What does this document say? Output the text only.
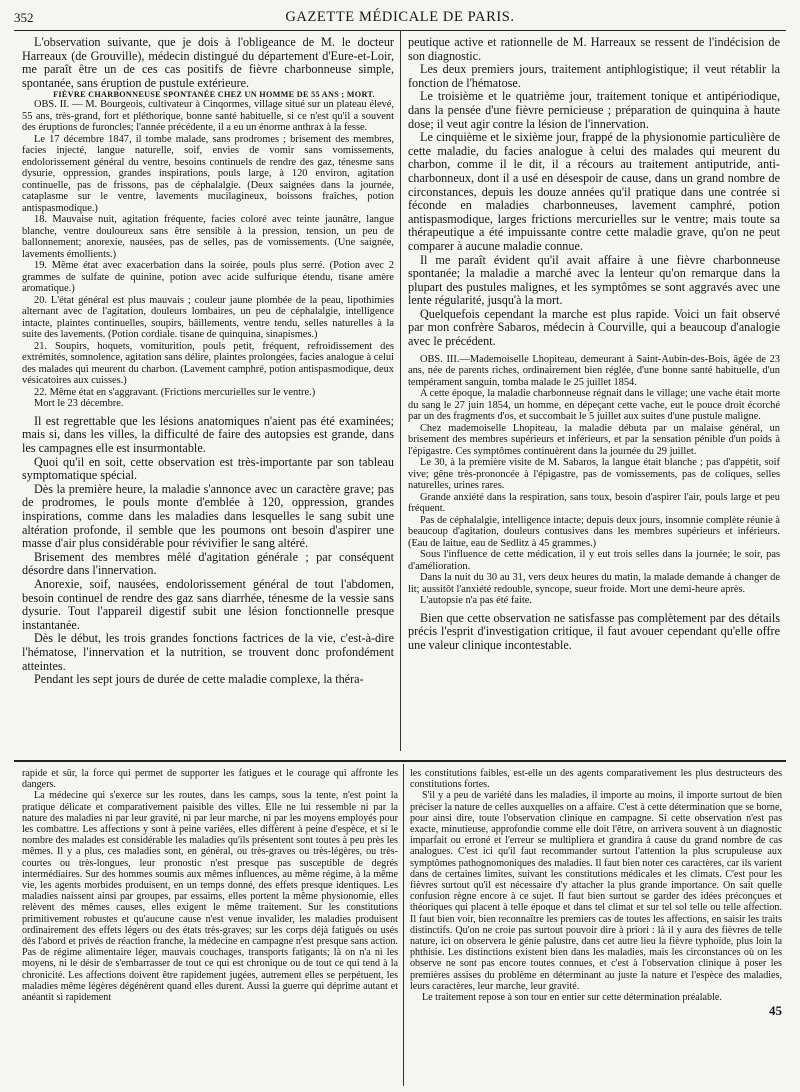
352	GAZETTE MÉDICALE DE PARIS.

L'observation suivante, que je dois à l'obligeance de M. le docteur Harreaux (de Grouville), médecin distingué du département d'Eure-et-Loir, me paraît être un de ces cas positifs de fièvre charbonneuse simple, spontanée, sans éruption de pustule extérieure.

FIÈVRE CHARBONNEUSE SPONTANÉE CHEZ UN HOMME DE 55 ANS ; MORT.

OBS. II. — M. Bourgeois, cultivateur à Cinqormes, village situé sur un plateau élevé, 55 ans, très-grand, fort et pléthorique, bonne santé habituelle, si ce n'est qu'il a souvent des éruptions de furoncles; l'année précédente, il a eu un énorme anthrax à la fesse.

Le 17 décembre 1847, il tombe malade, sans prodromes ; brisement des membres, facies injecté, langue naturelle, soif, envies de vomir sans vomissements, endolorissement général du ventre, besoins continuels de rendre des gaz, ténesme sans dysurie, oppression, grandes inspirations, pouls large, à 120 environ, agitation continuelle, pas de frissons, pas de céphalalgie. (Deux saignées dans la journée, cataplasme sur le ventre, lavements mucilagineux, boissons fraîches, potion antispasmodique.)

18. Mauvaise nuit, agitation fréquente, facies coloré avec teinte jaunâtre, langue blanche, ventre douloureux sans être sensible à la pression, tension, un peu de ballonnement; anorexie, nausées, pas de selles, pas de vomissements. (Une saignée, lavements émollients.)

19. Même état avec exacerbation dans la soirée, pouls plus serré. (Potion avec 2 grammes de sulfate de quinine, potion avec acide sulfurique étendu, tisane amère aromatique.)

20. L'état général est plus mauvais ; couleur jaune plombée de la peau, lipothimies alternant avec de l'agitation, douleurs lombaires, un peu de céphalalgie, intelligence intacte, plaintes continuelles, soupirs, bâillements, ventre tendu, selles naturelles à la suite des lavements. (Potion cordiale. tisane de quinquina, sinapismes.)

21. Soupirs, hoquets, vomiturition, pouls petit, fréquent, refroidissement des extrémités, somnolence, agitation sans délire, plaintes prolongées, facies analogue à celui des malades qui meurent du charbon. (Lavement camphré, potion antispasmodique, deux vésicatoires aux cuisses.)

22. Même état en s'aggravant. (Frictions mercurielles sur le ventre.)

Mort le 23 décembre.

Il est regrettable que les lésions anatomiques n'aient pas été examinées; mais si, dans les villes, la difficulté de faire des autopsies est grande, dans les campagnes elle est insurmontable.

Quoi qu'il en soit, cette observation est très-importante par son tableau symptomatique spécial.

Dès la première heure, la maladie s'annonce avec un caractère grave; pas de prodromes, le pouls monte d'emblée à 120, oppression, grandes inspirations, comme dans les maladies dans lesquelles le sang subit une altération profonde, il semble que les poumons ont besoin d'aspirer une masse d'air plus considérable pour révivifier le sang altéré.

Brisement des membres mêlé d'agitation générale ; par conséquent désordre dans l'innervation.

Anorexie, soif, nausées, endolorissement général de tout l'abdomen, besoin continuel de rendre des gaz sans diarrhée, ténesme de la vessie sans dysurie. Tout l'appareil digestif subit une lésion fonctionnelle presque instantanée.

Dès le début, les trois grandes fonctions factrices de la vie, c'est-à-dire l'hématose, l'innervation et la nutrition, se trouvent donc profondément atteintes.

Pendant les sept jours de durée de cette maladie complexe, la théra-

peutique active et rationnelle de M. Harreaux se ressent de l'indécision de son diagnostic.

Les deux premiers jours, traitement antiphlogistique; il veut rétablir la fonction de l'hématose.

Le troisième et le quatrième jour, traitement tonique et antipériodique, dans la pensée d'une fièvre pernicieuse ; préparation de quinquina à haute dose; il veut agir contre la lésion de l'innervation.

Le cinquième et le sixième jour, frappé de la physionomie particulière de cette maladie, du facies analogue à celui des malades qui meurent du charbon, comme il le dit, il a récours au traitement antiputride, anti-charbonneux, dont il a usé en désespoir de cause, dans un grand nombre de circonstances, depuis les douze années qu'il pratique dans une contrée si féconde en maladies charbonneuses, lavement camphré, potion antispasmodique, larges frictions mercurielles sur le ventre; mais toute sa thérapeutique a été impuissante contre cette maladie grave, qu'on ne peut comparer à aucune maladie connue.

Il me paraît évident qu'il avait affaire à une fièvre charbonneuse spontanée; la maladie a marché avec la lenteur qu'on remarque dans la plupart des pustules malignes, et les symptômes se sont aggravés avec une lente régularité, jusqu'à la mort.

Quelquefois cependant la marche est plus rapide. Voici un fait observé par mon confrère Sabaros, médecin à Courville, qui a beaucoup d'analogie avec le précédent.

OBS. III.—Mademoiselle Lhopiteau, demeurant à Saint-Aubin-des-Bois, âgée de 23 ans, née de parents riches, ordinairement bien réglée, d'une bonne santé habituelle, d'un tempérament sanguin, tomba malade le 25 juillet 1854.

A cette époque, la maladie charbonneuse régnait dans le village; une vache était morte du sang le 27 juin 1854, un homme, en dépeçant cette vache, eut le pouce droit écorché par un des fragments d'os, et succombait le 5 juillet aux suites d'une pustule maligne.

Chez mademoiselle Lhopiteau, la maladie débuta par un malaise général, un brisement des membres supérieurs et inférieurs, et par la sensation pénible d'un poids à l'épigastre. Ces symptômes continuèrent dans la journée du 29 juillet.

Le 30, à la première visite de M. Sabaros, la langue était blanche ; pas d'appétit, soif vive; gêne très-prononcée à l'épigastre, pas de vomissements, pas de coliques, selles naturelles, urines rares.

Grande anxiété dans la respiration, sans toux, besoin d'aspirer l'air, pouls large et peu fréquent.

Pas de céphalalgie, intelligence intacte; depuis deux jours, insomnie complète réunie à beaucoup d'agitation, douleurs contusives dans les membres supérieurs et inférieurs. (Eau de laitue, eau de Sedlitz à 45 grammes.)

Sous l'influence de cette médication, il y eut trois selles dans la journée; le soir, pas d'amélioration.

Dans la nuit du 30 au 31, vers deux heures du matin, la malade demande à changer de lit; aussitôt l'anxiété redouble, syncope, sueur froide. Mort une demi-heure après.

L'autopsie n'a pas été faite.

Bien que cette observation ne satisfasse pas complètement par des détails précis l'esprit d'investigation critique, il faut avouer cependant qu'elle offre une valeur clinique incontestable.

rapide et sûr, la force qui permet de supporter les fatigues et le courage qui affronte les dangers.

La médecine qui s'exerce sur les routes, dans les camps, sous la tente, n'est point la pratique délicate et comparativement paisible des villes. Elle ne lui ressemble ni par la nature des maladies ni par leur gravité, ni par leur marche, ni par les moyens employés pour les combattre. Les affections y sont à peine variées, elles diffèrent à peine d'espèce, et si le nombre des malades est considérable les maladies qu'ils présentent sont toutes à peu près les mêmes. Il y a plus, ces maladies sont, en général, ou très-graves ou très-légères, ou très-courtes ou très-longues, leur pronostic n'est presque pas susceptible de degrés intermédiaires. Sur des hommes soumis aux mêmes influences, au même régime, à la même vie, les agents morbides produisent, en un temps donné, des effets presque identiques. Les maladies naissent ainsi par groupes, par essaims, elles portent la même physionomie, elles relèvent des mêmes causes, elles exigent le même traitement. Sur les constitutions primitivement robustes et qu'aucune cause n'est venue invalider, les maladies produisent ordinairement des effets légers ou des états très-graves; sur les corps déjà fatigués ou usés dès l'abord et privés de réaction franche, la médecine en campagne n'est presque sans action. Pas de régime alimentaire léger, mauvais couchages, transports fatigants; là on n'a ni les moyens, ni le désir de s'embarrasser de tout ce qui est chronique ou de tout ce qui tend à la chronicité. Les affections doivent être rapidement jugées, autrement elles se perpétuent, les maladies même légères dégénèrent quand elles durent. Aussi la guerre qui déprime autant et anéantit si rapidement

les constitutions faibles, est-elle un des agents comparativement les plus destructeurs des constitutions fortes.

S'il y a peu de variété dans les maladies, il importe au moins, il importe surtout de bien préciser la nature de celles auxquelles on a affaire. C'est à cette détermination que se borne, pour ainsi dire, toute l'observation clinique en campagne. Si cette observation n'est pas exacte, minutieuse, approfondie comme elle doit l'être, on arrivera souvent à un diagnostic imparfait ou erroné et l'erreur se multipliera et grandira à cause du grand nombre de cas analogues. C'est ici qu'il faut recommander surtout l'attention la plus scrupuleuse aux symptômes pathognomoniques des maladies. Il faut bien noter ces caractères, car ils varient dans de certaines limites, suivant les constitutions médicales et les climats. C'est pour les fièvres surtout qu'il est nécessaire d'y attacher la plus grande importance. On sait quelle confusion règne encore à ce sujet. Il faut bien surtout se garder des idées préconçues et théoriques qui placent à telle époque et dans tel climat et sur tel sol telle ou telle affection. Il faut bien voir, bien reconnaître les premiers cas de toutes les affections, en saisir les traits distinctifs. Qu'on ne croie pas surtout pouvoir dire à priori : là il y aura des fièvres de telle nature, ici on observera le génie palustre, dans cet autre lieu la fièvre typhoïde, plus loin la phthisie. Les distinctions existent bien dans les maladies, mais les circonstances où on les observe ne sont pas encore toutes connues, et c'est à l'observation clinique à poser les premières assises du problème en déterminant au juste la nature et l'espèce des maladies, leurs caractères, leur marche, leur gravité.

Le traitement repose à son tour en entier sur cette détermination préalable.

45
